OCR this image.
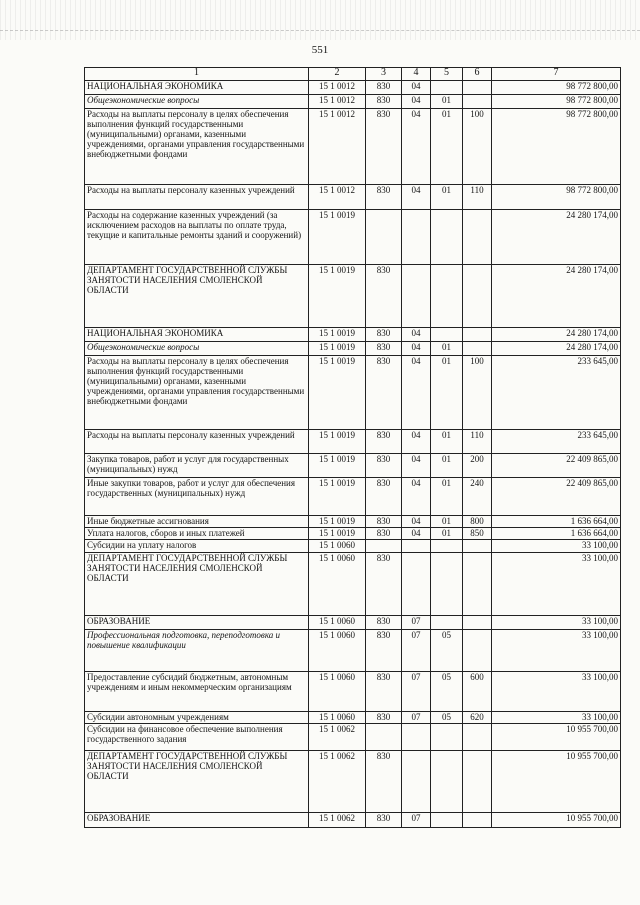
551
1	2	3	4	5	6	7
НАЦИОНАЛЬНАЯ ЭКОНОМИКА	15 1 0012	830	04			98 772 800,00
Общеэкономические вопросы	15 1 0012	830	04	01		98 772 800,00
Расходы на выплаты персоналу в целях обеспечения выполнения функций государственными (муниципальными) органами, казенными учреждениями, органами управления государственными внебюджетными фондами	15 1 0012	830	04	01	100	98 772 800,00
Расходы на выплаты персоналу казенных учреждений	15 1 0012	830	04	01	110	98 772 800,00
Расходы на содержание казенных учреждений (за исключением расходов на выплаты по оплате труда, текущие и капитальные ремонты зданий и сооружений)	15 1 0019					24 280 174,00
ДЕПАРТАМЕНТ ГОСУДАРСТВЕННОЙ СЛУЖБЫ ЗАНЯТОСТИ НАСЕЛЕНИЯ СМОЛЕНСКОЙ ОБЛАСТИ	15 1 0019	830				24 280 174,00
НАЦИОНАЛЬНАЯ ЭКОНОМИКА	15 1 0019	830	04			24 280 174,00
Общеэкономические вопросы	15 1 0019	830	04	01		24 280 174,00
Расходы на выплаты персоналу в целях обеспечения выполнения функций государственными (муниципальными) органами, казенными учреждениями, органами управления государственными внебюджетными фондами	15 1 0019	830	04	01	100	233 645,00
Расходы на выплаты персоналу казенных учреждений	15 1 0019	830	04	01	110	233 645,00
Закупка товаров, работ и услуг для государственных (муниципальных) нужд	15 1 0019	830	04	01	200	22 409 865,00
Иные закупки товаров, работ и услуг для обеспечения государственных (муниципальных) нужд	15 1 0019	830	04	01	240	22 409 865,00
Иные бюджетные ассигнования	15 1 0019	830	04	01	800	1 636 664,00
Уплата налогов, сборов и иных платежей	15 1 0019	830	04	01	850	1 636 664,00
Субсидии на уплату налогов	15 1 0060					33 100,00
ДЕПАРТАМЕНТ ГОСУДАРСТВЕННОЙ СЛУЖБЫ ЗАНЯТОСТИ НАСЕЛЕНИЯ СМОЛЕНСКОЙ ОБЛАСТИ	15 1 0060	830				33 100,00
ОБРАЗОВАНИЕ	15 1 0060	830	07			33 100,00
Профессиональная подготовка, переподготовка и повышение квалификации	15 1 0060	830	07	05		33 100,00
Предоставление субсидий бюджетным, автономным учреждениям и иным некоммерческим организациям	15 1 0060	830	07	05	600	33 100,00
Субсидии автономным учреждениям	15 1 0060	830	07	05	620	33 100,00
Субсидии на финансовое обеспечение выполнения государственного задания	15 1 0062					10 955 700,00
ДЕПАРТАМЕНТ ГОСУДАРСТВЕННОЙ СЛУЖБЫ ЗАНЯТОСТИ НАСЕЛЕНИЯ СМОЛЕНСКОЙ ОБЛАСТИ	15 1 0062	830				10 955 700,00
ОБРАЗОВАНИЕ	15 1 0062	830	07			10 955 700,00
